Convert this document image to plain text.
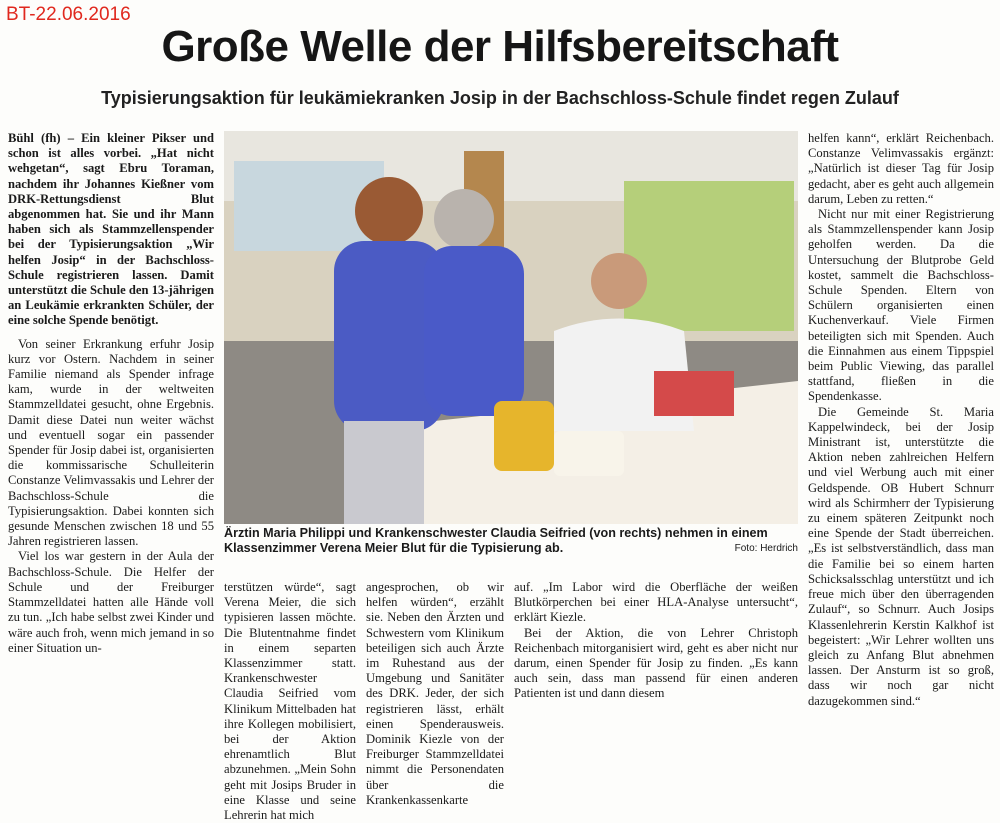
BT-22.06.2016
Große Welle der Hilfsbereitschaft
Typisierungsaktion für leukämiekranken Josip in der Bachschloss-Schule findet regen Zulauf

Bühl (fh) – Ein kleiner Pikser und schon ist alles vorbei. „Hat nicht wehgetan“, sagt Ebru Toraman, nachdem ihr Johannes Kießner vom DRK-Rettungsdienst Blut abgenommen hat. Sie und ihr Mann haben sich als Stammzellenspender bei der Typisierungsaktion „Wir helfen Josip“ in der Bachschloss-Schule registrieren lassen. Damit unterstützt die Schule den 13-jährigen an Leukämie erkrankten Schüler, der eine solche Spende benötigt.

Von seiner Erkrankung erfuhr Josip kurz vor Ostern. Nachdem in seiner Familie niemand als Spender infrage kam, wurde in der weltweiten Stammzelldatei gesucht, ohne Ergebnis. Damit diese Datei nun weiter wächst und eventuell sogar ein passender Spender für Josip dabei ist, organisierten die kommissarische Schulleiterin Constanze Velimvassakis und Lehrer der Bachschloss-Schule die Typisierungsaktion. Dabei konnten sich gesunde Menschen zwischen 18 und 55 Jahren registrieren lassen.

Viel los war gestern in der Aula der Bachschloss-Schule. Die Helfer der Schule und der Freiburger Stammzelldatei hatten alle Hände voll zu tun. „Ich habe selbst zwei Kinder und wäre auch froh, wenn mich jemand in so einer Situation un-

Ärztin Maria Philippi und Krankenschwester Claudia Seifried (von rechts) nehmen in einem Klassenzimmer Verena Meier Blut für die Typisierung ab.	Foto: Herdrich

terstützen würde“, sagt Verena Meier, die sich typisieren lassen möchte. Die Blutentnahme findet in einem separten Klassenzimmer statt. Krankenschwester Claudia Seifried vom Klinikum Mittelbaden hat ihre Kollegen mobilisiert, bei der Aktion ehrenamtlich Blut abzunehmen. „Mein Sohn geht mit Josips Bruder in eine Klasse und seine Lehrerin hat mich

angesprochen, ob wir helfen würden“, erzählt sie. Neben den Ärzten und Schwestern vom Klinikum beteiligen sich auch Ärzte im Ruhestand aus der Umgebung und Sanitäter des DRK. Jeder, der sich registrieren lässt, erhält einen Spenderausweis. Dominik Kiezle von der Freiburger Stammzelldatei nimmt die Personendaten über die Krankenkassenkarte

auf. „Im Labor wird die Oberfläche der weißen Blutkörperchen bei einer HLA-Analyse untersucht“, erklärt Kiezle.

Bei der Aktion, die von Lehrer Christoph Reichenbach mitorganisiert wird, geht es aber nicht nur darum, einen Spender für Josip zu finden. „Es kann auch sein, dass man passend für einen anderen Patienten ist und dann diesem

helfen kann“, erklärt Reichenbach. Constanze Velimvassakis ergänzt: „Natürlich ist dieser Tag für Josip gedacht, aber es geht auch allgemein darum, Leben zu retten.“

Nicht nur mit einer Registrierung als Stammzellenspender kann Josip geholfen werden. Da die Untersuchung der Blutprobe Geld kostet, sammelt die Bachschloss-Schule Spenden. Eltern von Schülern organisierten einen Kuchenverkauf. Viele Firmen beteiligten sich mit Spenden. Auch die Einnahmen aus einem Tippspiel beim Public Viewing, das parallel stattfand, fließen in die Spendenkasse.

Die Gemeinde St. Maria Kappelwindeck, bei der Josip Ministrant ist, unterstützte die Aktion neben zahlreichen Helfern und viel Werbung auch mit einer Geldspende. OB Hubert Schnurr wird als Schirmherr der Typisierung zu einem späteren Zeitpunkt noch eine Spende der Stadt überreichen. „Es ist selbstverständlich, dass man die Familie bei so einem harten Schicksalsschlag unterstützt und ich freue mich über den überragenden Zulauf“, so Schnurr. Auch Josips Klassenlehrerin Kerstin Kalkhof ist begeistert: „Wir Lehrer wollten uns gleich zu Anfang Blut abnehmen lassen. Der Ansturm ist so groß, dass wir noch gar nicht dazugekommen sind.“
